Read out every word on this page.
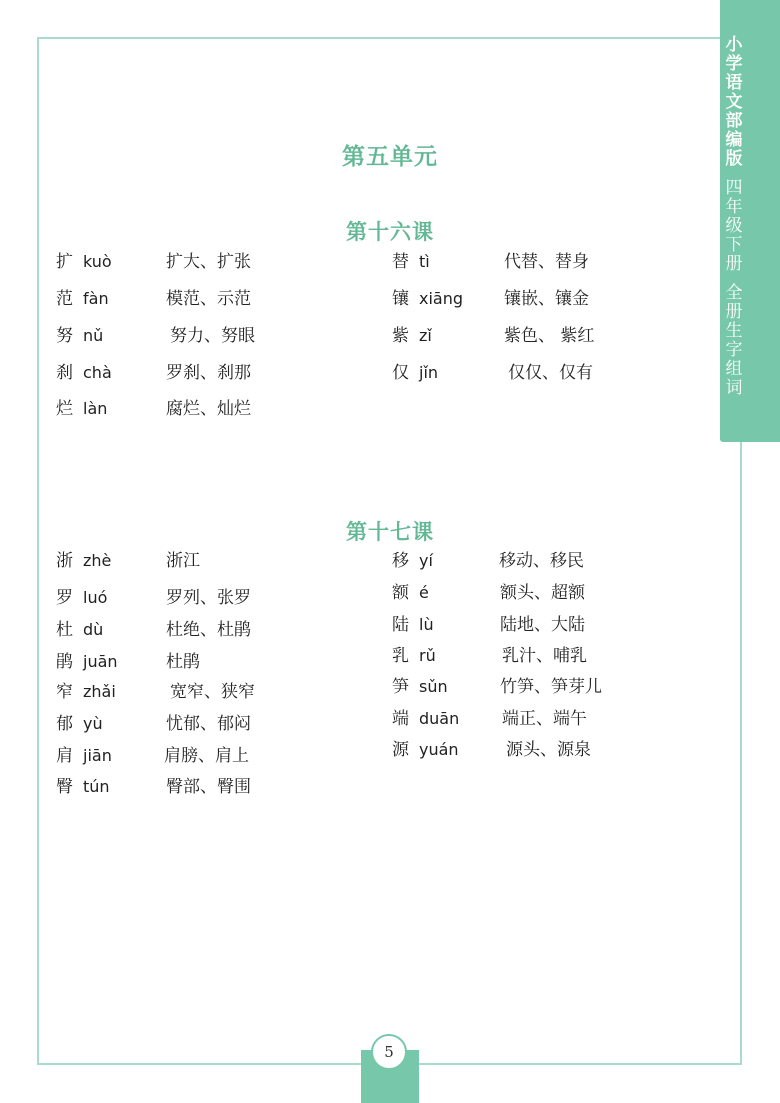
小
学
语
文
部
编
版
四
年
级
下
册
全
册
生
字
组
词
第五单元
第十六课
扩 kuò	扩大、扩张
范 fàn	模范、示范
努 nǔ	努力、努眼
刹 chà	罗刹、刹那
烂 làn	腐烂、灿烂
替 tì	代替、替身
镶 xiāng 镶嵌、镶金
紫 zǐ	紫色、 紫红
仅 jǐn	仅仅、仅有
第十七课
浙 zhè	浙江
罗 luó	罗列、张罗
杜 dù	杜绝、杜鹃
鹃 juān	杜鹃
窄 zhǎi	宽窄、狭窄
郁 yù	忧郁、郁闷
肩 jiān	肩膀、肩上
臀 tún	臀部、臀围
移 yí	移动、移民
额 é	额头、超额
陆 lù	陆地、大陆
乳 rǔ	乳汁、哺乳
笋 sǔn	竹笋、笋芽儿
端 duān	端正、端午
源 yuán	源头、源泉
5
